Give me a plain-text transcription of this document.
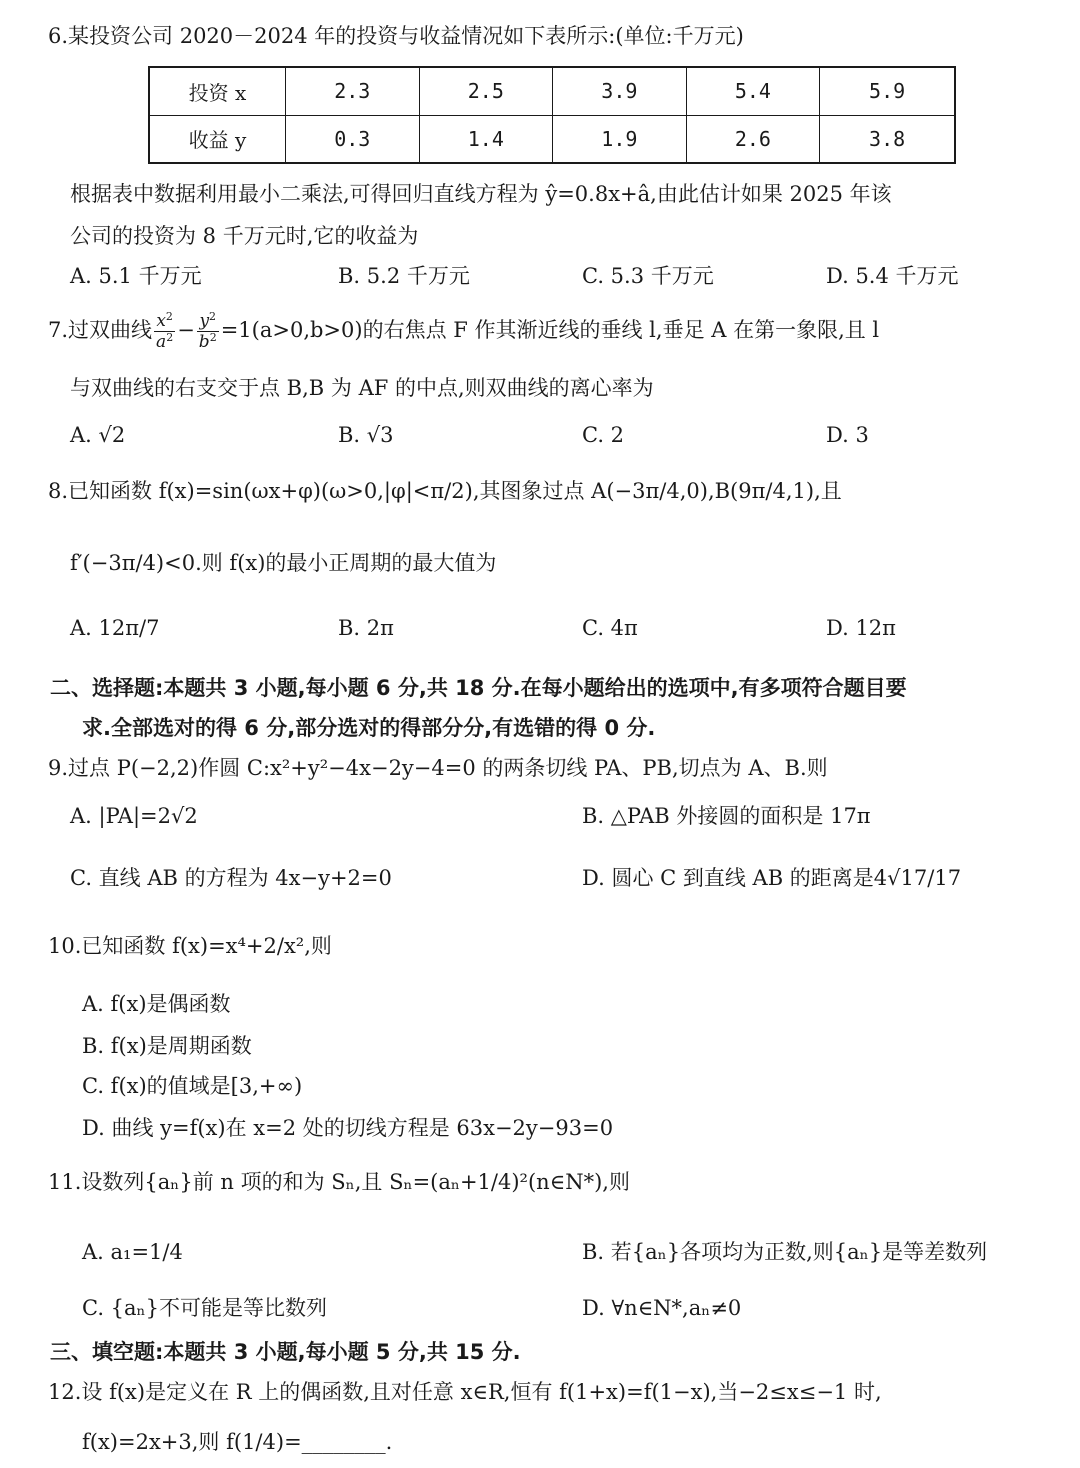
6.某投资公司 2020－2024 年的投资与收益情况如下表所示:(单位:千万元)
投资 x	2.3	2.5	3.9	5.4	5.9
收益 y	0.3	1.4	1.9	2.6	3.8
根据表中数据利用最小二乘法,可得回归直线方程为 ŷ=0.8x+â,由此估计如果 2025 年该
公司的投资为 8 千万元时,它的收益为
A. 5.1 千万元	B. 5.2 千万元	C. 5.3 千万元	D. 5.4 千万元
7.过双曲线 $\frac{x^2}{a^2} - \frac{y^2}{b^2} =1(a>0,b>0)$的右焦点 F 作其渐近线的垂线 l,垂足 A 在第一象限,且 l
与双曲线的右支交于点 B,B 为 AF 的中点,则双曲线的离心率为
A. √2	B. √3	C. 2	D. 3
8.已知函数 f(x)=sin(ωx+φ)(ω>0,|φ|<π/2),其图象过点 A(−3π/4,0),B(9π/4,1),且
f′(−3π/4)<0.则 f(x)的最小正周期的最大值为
A. 12π/7	B. 2π	C. 4π	D. 12π
二、选择题:本题共 3 小题,每小题 6 分,共 18 分.在每小题给出的选项中,有多项符合题目要
求.全部选对的得 6 分,部分选对的得部分分,有选错的得 0 分.
9.过点 P(−2,2)作圆 C:x²+y²−4x−2y−4=0 的两条切线 PA、PB,切点为 A、B.则
A. |PA|=2√2	B. △PAB 外接圆的面积是 17π
C. 直线 AB 的方程为 4x−y+2=0	D. 圆心 C 到直线 AB 的距离是4√17/17
10.已知函数 f(x)=x⁴+2/x²,则
A. f(x)是偶函数
B. f(x)是周期函数
C. f(x)的值域是[3,+∞)
D. 曲线 y=f(x)在 x=2 处的切线方程是 63x−2y−93=0
11.设数列{aₙ}前 n 项的和为 Sₙ,且 Sₙ=(aₙ+1/4)²(n∈N*),则
A. a₁=1/4	B. 若{aₙ}各项均为正数,则{aₙ}是等差数列
C. {aₙ}不可能是等比数列	D. ∀n∈N*,aₙ≠0
三、填空题:本题共 3 小题,每小题 5 分,共 15 分.
12.设 f(x)是定义在 R 上的偶函数,且对任意 x∈R,恒有 f(1+x)=f(1−x),当−2≤x≤−1 时,
f(x)=2x+3,则 f(1/4)=________.
